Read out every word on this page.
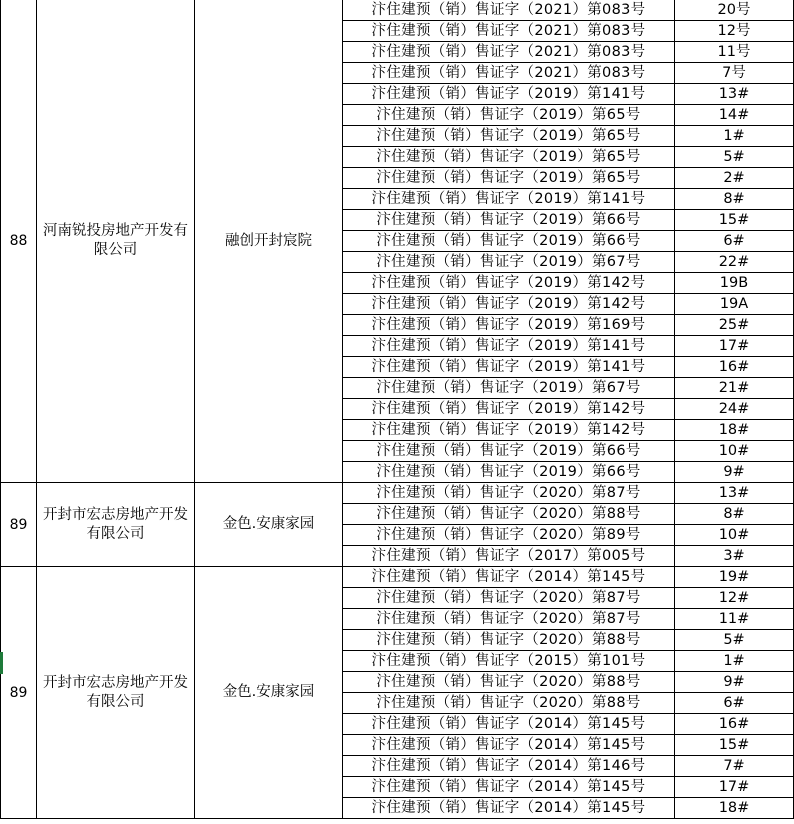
88	河南锐投房地产开发有限公司	融创开封宸院	汴住建预（销）售证字（2021）第083号	20号
			汴住建预（销）售证字（2021）第083号	12号
			汴住建预（销）售证字（2021）第083号	11号
			汴住建预（销）售证字（2021）第083号	7号
			汴住建预（销）售证字（2019）第141号	13#
			汴住建预（销）售证字（2019）第65号	14#
			汴住建预（销）售证字（2019）第65号	1#
			汴住建预（销）售证字（2019）第65号	5#
			汴住建预（销）售证字（2019）第65号	2#
			汴住建预（销）售证字（2019）第141号	8#
			汴住建预（销）售证字（2019）第66号	15#
			汴住建预（销）售证字（2019）第66号	6#
			汴住建预（销）售证字（2019）第67号	22#
			汴住建预（销）售证字（2019）第142号	19B
			汴住建预（销）售证字（2019）第142号	19A
			汴住建预（销）售证字（2019）第169号	25#
			汴住建预（销）售证字（2019）第141号	17#
			汴住建预（销）售证字（2019）第141号	16#
			汴住建预（销）售证字（2019）第67号	21#
			汴住建预（销）售证字（2019）第142号	24#
			汴住建预（销）售证字（2019）第142号	18#
			汴住建预（销）售证字（2019）第66号	10#
			汴住建预（销）售证字（2019）第66号	9#
89	开封市宏志房地产开发有限公司	金色.安康家园	汴住建预（销）售证字（2020）第87号	13#
			汴住建预（销）售证字（2020）第88号	8#
			汴住建预（销）售证字（2020）第89号	10#
			汴住建预（销）售证字（2017）第005号	3#
89	开封市宏志房地产开发有限公司	金色.安康家园	汴住建预（销）售证字（2014）第145号	19#
			汴住建预（销）售证字（2020）第87号	12#
			汴住建预（销）售证字（2020）第87号	11#
			汴住建预（销）售证字（2020）第88号	5#
			汴住建预（销）售证字（2015）第101号	1#
			汴住建预（销）售证字（2020）第88号	9#
			汴住建预（销）售证字（2020）第88号	6#
			汴住建预（销）售证字（2014）第145号	16#
			汴住建预（销）售证字（2014）第145号	15#
			汴住建预（销）售证字（2014）第146号	7#
			汴住建预（销）售证字（2014）第145号	17#
			汴住建预（销）售证字（2014）第145号	18#
